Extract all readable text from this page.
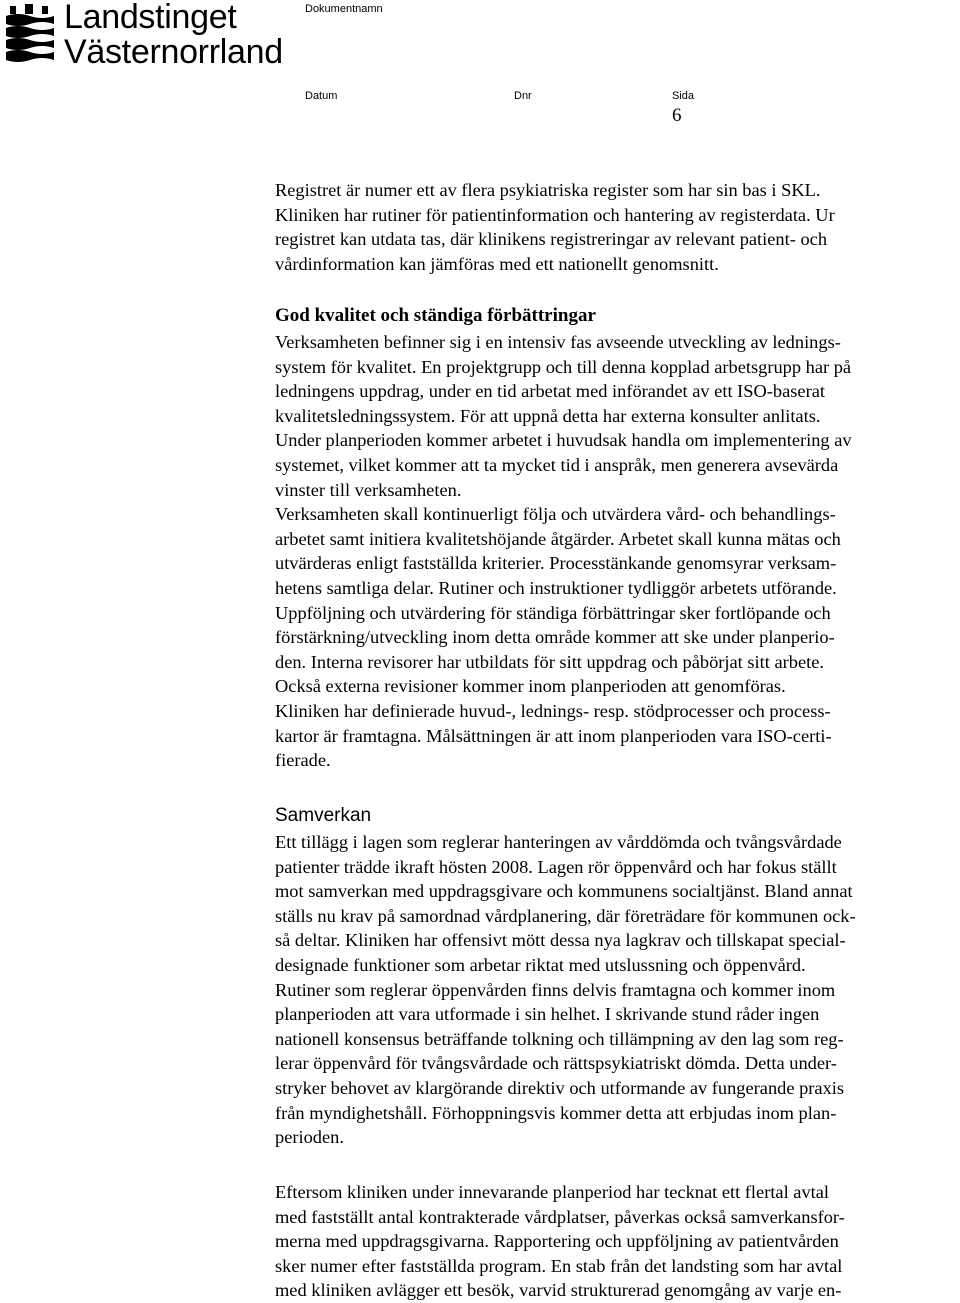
Landstinget
Västernorrland
Dokumentnamn
Datum	Dnr	Sida
6
Registret är numer ett av flera psykiatriska register som har sin bas i SKL.
Kliniken har rutiner för patientinformation och hantering av registerdata. Ur
registret kan utdata tas, där klinikens registreringar av relevant patient- och
vårdinformation kan jämföras med ett nationellt genomsnitt.
God kvalitet och ständiga förbättringar
Verksamheten befinner sig i en intensiv fas avseende utveckling av lednings-
system för kvalitet. En projektgrupp och till denna kopplad arbetsgrupp har på
ledningens uppdrag, under en tid arbetat med införandet av ett ISO-baserat
kvalitetsledningssystem. För att uppnå detta har externa konsulter anlitats.
Under planperioden kommer arbetet i huvudsak handla om implementering av
systemet, vilket kommer att ta mycket tid i anspråk, men generera avsevärda
vinster till verksamheten.
Verksamheten skall kontinuerligt följa och utvärdera vård- och behandlings-
arbetet samt initiera kvalitetshöjande åtgärder. Arbetet skall kunna mätas och
utvärderas enligt fastställda kriterier. Processtänkande genomsyrar verksam-
hetens samtliga delar. Rutiner och instruktioner tydliggör arbetets utförande.
Uppföljning och utvärdering för ständiga förbättringar sker fortlöpande och
förstärkning/utveckling inom detta område kommer att ske under planperio-
den. Interna revisorer har utbildats för sitt uppdrag och påbörjat sitt arbete.
Också externa revisioner kommer inom planperioden att genomföras.
Kliniken har definierade huvud-, lednings- resp. stödprocesser och process-
kartor är framtagna. Målsättningen är att inom planperioden vara ISO-certi-
fierade.
Samverkan
Ett tillägg i lagen som reglerar hanteringen av vårddömda och tvångsvårdade
patienter trädde ikraft hösten 2008. Lagen rör öppenvård och har fokus ställt
mot samverkan med uppdragsgivare och kommunens socialtjänst. Bland annat
ställs nu krav på samordnad vårdplanering, där företrädare för kommunen ock-
så deltar. Kliniken har offensivt mött dessa nya lagkrav och tillskapat special-
designade funktioner som arbetar riktat med utslussning och öppenvård.
Rutiner som reglerar öppenvården finns delvis framtagna och kommer inom
planperioden att vara utformade i sin helhet. I skrivande stund råder ingen
nationell konsensus beträffande tolkning och tillämpning av den lag som reg-
lerar öppenvård för tvångsvårdade och rättspsykiatriskt dömda. Detta under-
stryker behovet av klargörande direktiv och utformande av fungerande praxis
från myndighetshåll. Förhoppningsvis kommer detta att erbjudas inom plan-
perioden.
Eftersom kliniken under innevarande planperiod har tecknat ett flertal avtal
med fastställt antal kontrakterade vårdplatser, påverkas också samverkansfor-
merna med uppdragsgivarna. Rapportering och uppföljning av patientvården
sker numer efter fastställda program. En stab från det landsting som har avtal
med kliniken avlägger ett besök, varvid strukturerad genomgång av varje en-
